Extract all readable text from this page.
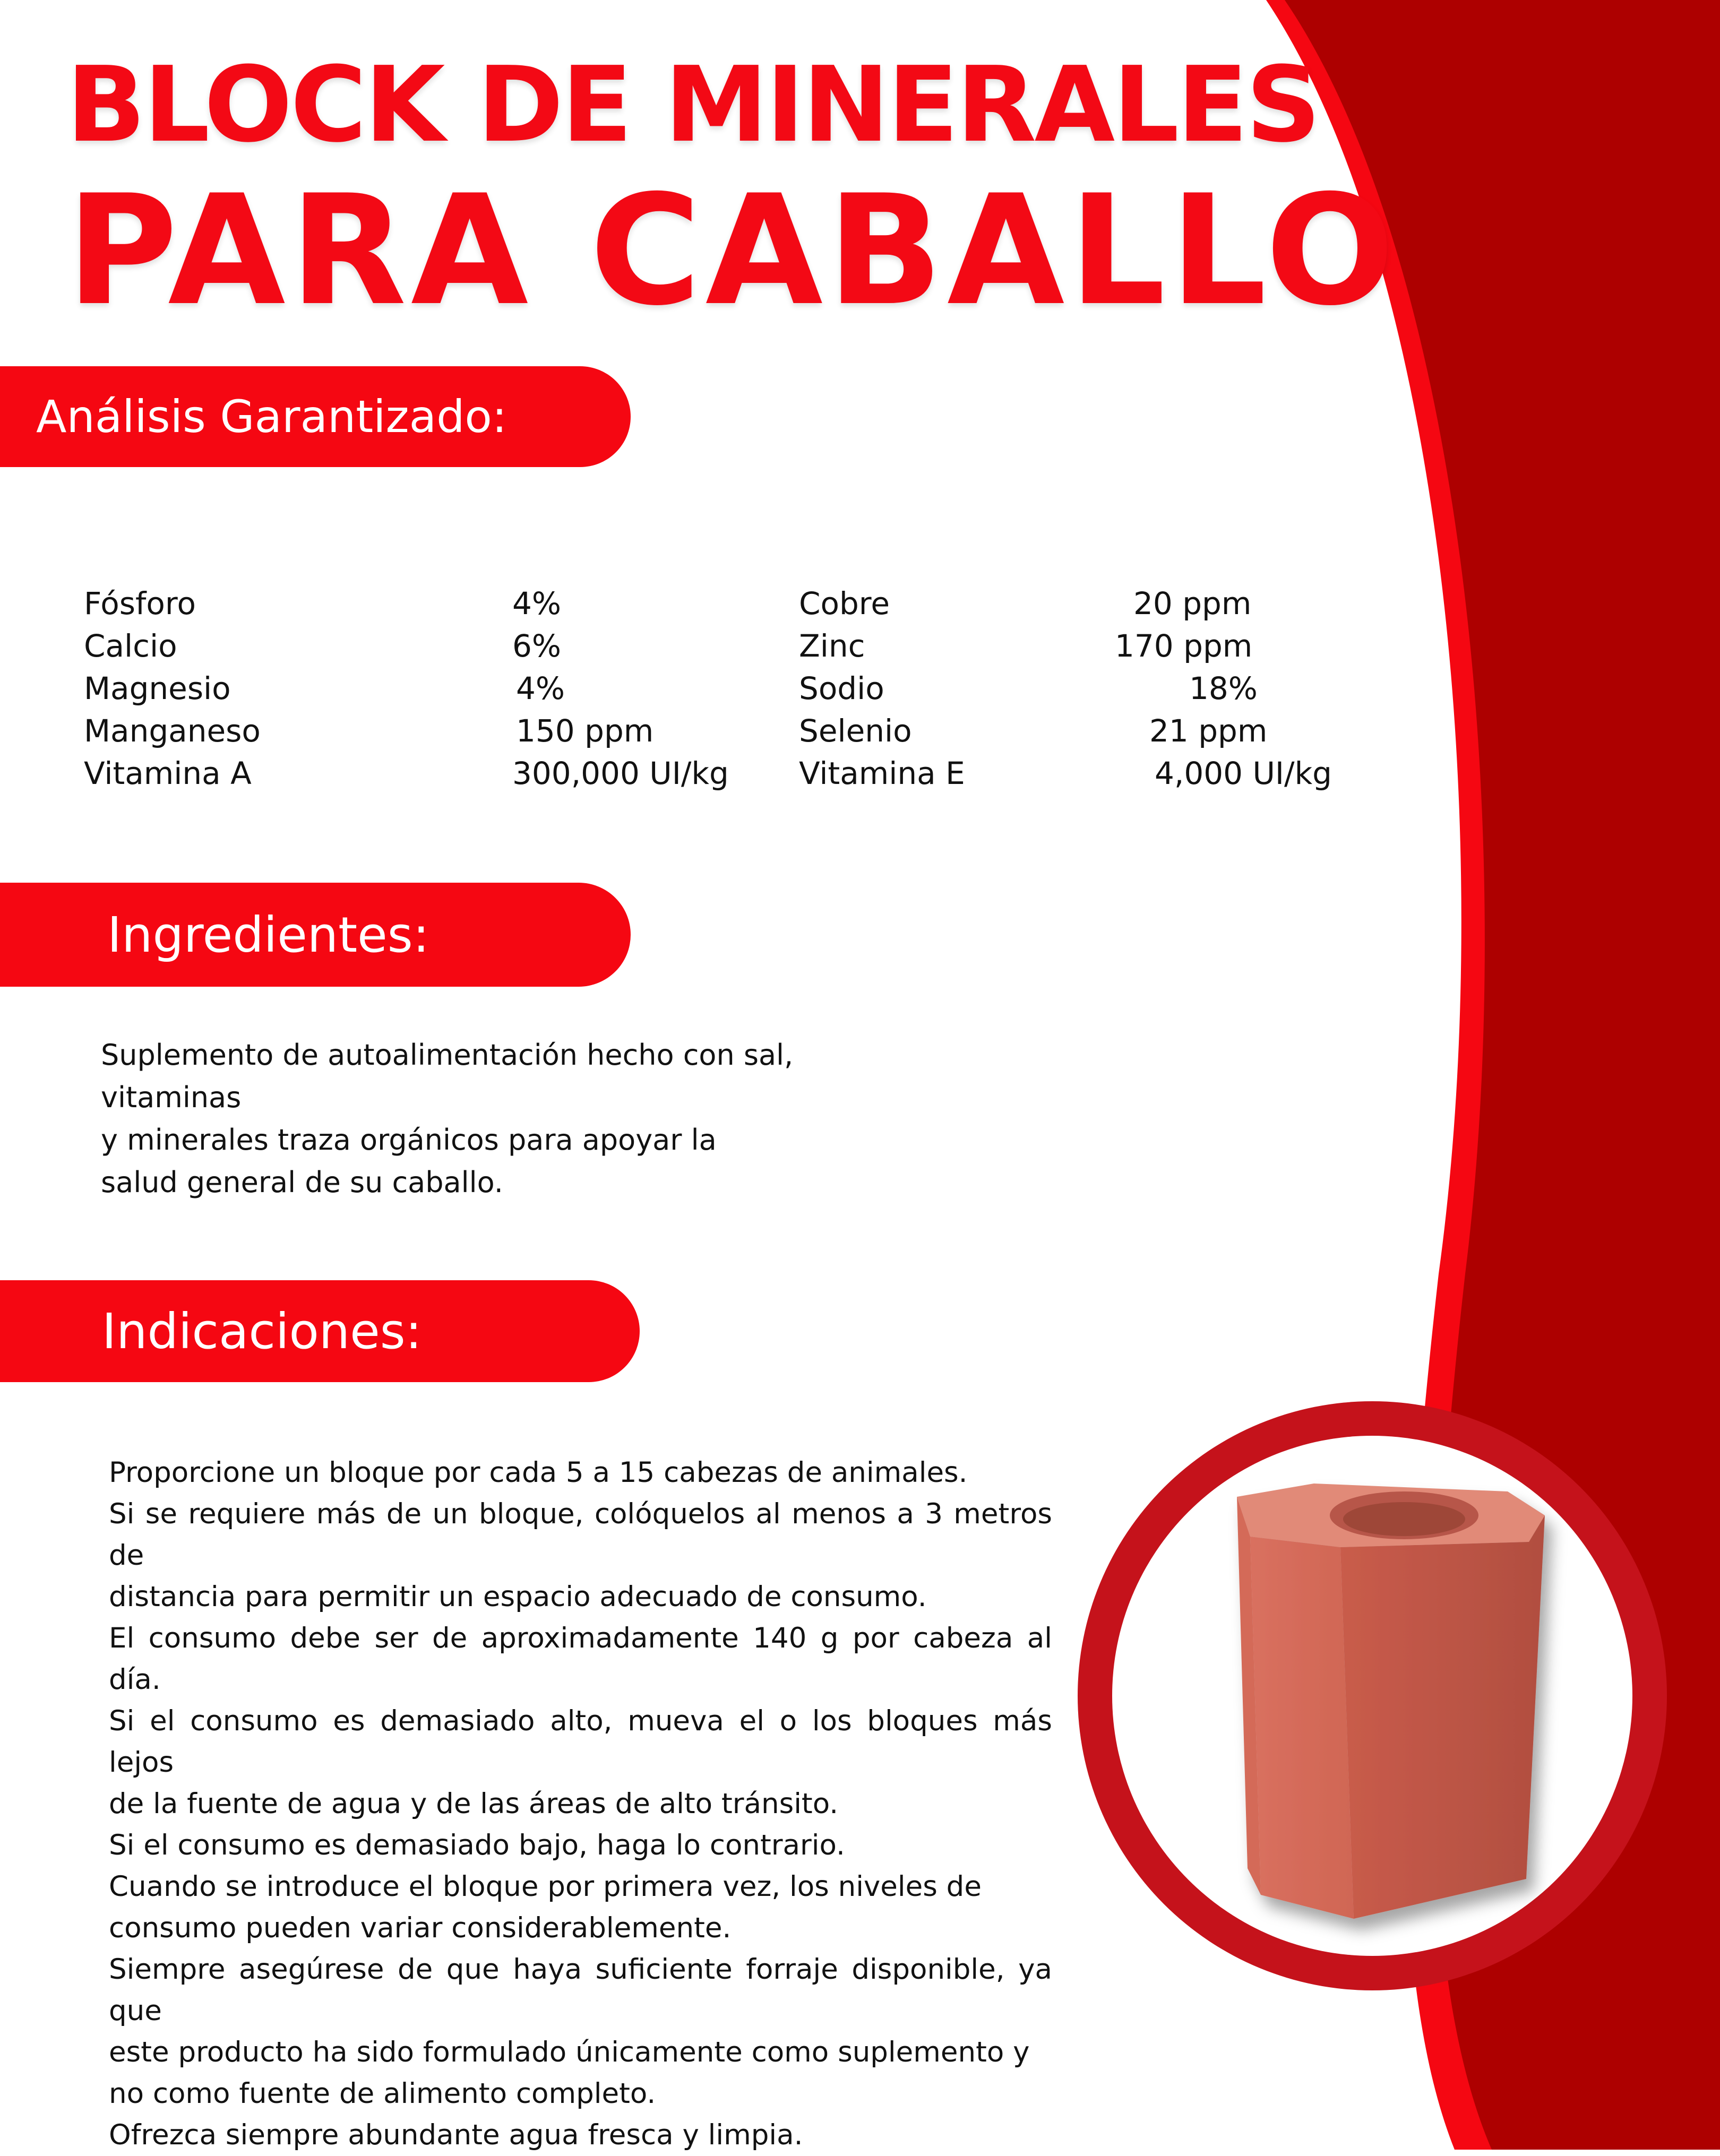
BLOCK DE MINERALES
PARA CABALLO
Análisis Garantizado:
Fósforo
Calcio
Magnesio
Manganeso
Vitamina A
4%
6%
4%
150 ppm
300,000 UI/kg
Cobre
Zinc
Sodio
Selenio
Vitamina E
20 ppm
170 ppm
18%
21 ppm
4,000 UI/kg
Ingredientes:
Suplemento de autoalimentación hecho con sal, vitaminas
y minerales traza orgánicos para apoyar la
salud general de su caballo.
Indicaciones:
Proporcione un bloque por cada 5 a 15 cabezas de animales.
Si se requiere más de un bloque, colóquelos al menos a 3 metros de
distancia para permitir un espacio adecuado de consumo.
El consumo debe ser de aproximadamente 140 g por cabeza al día.
Si el consumo es demasiado alto, mueva el o los bloques más lejos
de la fuente de agua y de las áreas de alto tránsito.
Si el consumo es demasiado bajo, haga lo contrario.
Cuando se introduce el bloque por primera vez, los niveles de
consumo pueden variar considerablemente.
Siempre asegúrese de que haya suficiente forraje disponible, ya que
este producto ha sido formulado únicamente como suplemento y
no como fuente de alimento completo.
Ofrezca siempre abundante agua fresca y limpia.
